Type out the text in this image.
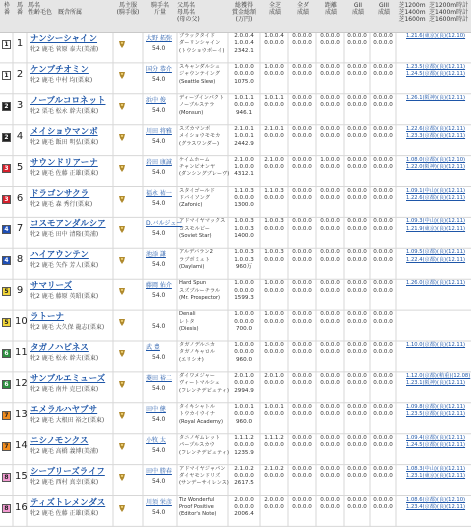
枠
番
馬
番
馬名
性齢毛色　厩舎所属
馬主服
(騎手服)
騎手名
斤量
父馬名
母馬名
(母の父)
総獲得
賞金総額
(万円)
全芝
成績
全ダ
成績
距離
成績
GII
成績
GIII
成績
芝1200m
芝1400m
芝1600m
芝1200m時計
芝1400m時計
芝1600m時計
1 1 ナンシーシャイン
牝2 鹿毛 菅原 泰夫(美浦)
大野 拓弥
54.0
ブラックタイド
ダーリンシャイン
(トウショウボーイ)
2.0.0.4
1.0.0.4
2342.1
1.0.0.4
0.0.0.0
0.0.0.0
0.0.0.0
0.0.0.0
0.0.0.0
0.0.0.0
0.0.0.0
0.0.0.0
0.0.0.0
1.21.6(東京)(良)(12.10)
1 2 ケンブチオミン
牝2 鹿毛 中村 均(栗東)
国分 恭介
54.0
スキャンダルシュ
ジャウンテイング
(Seattle Slew)
1.0.0.0
0.0.0.0
1075.0
1.0.0.0
0.0.0.0
0.0.0.0
0.0.0.0
0.0.0.0
0.0.0.0
0.0.0.0
0.0.0.0
0.0.0.0
0.0.0.0
1.23.5(京都)(良)(12.11)
1.24.5(京都)(良)(12.11)
2 3 ノーブルコロネット
牝2 栗毛 松永 幹夫(栗東)
浜中 俊
54.0
ディープインパクト
ノーブルステラ
(Monsun)
1.0.1.1
0.0.0.0
946.1
1.0.1.1
0.0.0.0
0.0.0.0
0.0.0.0
0.0.0.0
0.0.0.0
0.0.0.0
0.0.0.0
0.0.0.0
0.0.0.0
1.26.1(阪神)(良)(12.11)
2 4 メイショウマンボ
牝2 鹿毛 飯田 明弘(栗東)
川田 将雅
54.0
スズカマンボ
メイショウモモカ
(グラスワンダー)
2.1.0.1
1.0.0.1
2442.9
2.1.0.1
0.0.0.0
0.0.0.0
0.0.0.0
0.0.0.0
0.0.0.0
0.0.0.0
0.0.0.0
0.0.0.0
0.0.0.0
1.22.6(京都)(良)(12.11)
1.23.3(京都)(良)(12.11)
3 5 サウンドリアーナ
牝2 鹿毛 佐藤 正雄(栗東)
岩田 康誠
54.0
ケイムホーム
チャンピオンヤ
(ダンシングブレーヴ)
2.1.0.0
1.0.0.0
4312.1
2.1.0.0
0.0.0.0
0.0.0.0
0.0.0.0
1.0.0.0
0.0.0.0
0.0.0.0
0.0.0.0
0.0.0.0
0.0.0.0
1.08.0(京都)(良)(12.10)
1.22.0(阪神)(良)(12.11)
3 6 ドラゴンサクラ
牝2 鹿毛 森 秀行(栗東)
福永 祐一
54.0
スタイゴールド
ドバイソング
(Zafonic)
1.1.0.3
0.0.0.0
1300.0
1.1.0.3
0.0.0.0
0.0.0.0
0.0.0.0
0.0.0.0
0.0.0.0
0.0.0.0
0.0.0.0
0.0.0.0
0.0.0.0
1.09.1(中山)(良)(12.11)
1.22.6(京都)(良)(12.11)
4 7 コスモアンダルシア
牝2 鹿毛 田中 清隆(美浦)
D.バルジュー
54.0
アドマイヤマックス
コスモルビー
(Soviet Star)
1.0.0.3
1.0.0.3
1400.0
1.0.0.3
0.0.0.0
0.0.0.0
0.0.0.0
0.0.0.0
0.0.0.0
0.0.0.0
0.0.0.0
0.0.0.0
0.0.0.0
1.09.3(中山)(良)(12.11)
1.21.9(東京)(良)(12.11)
4 8 ハイアウンテン
牝2 鹿毛 矢作 芳人(栗東)
池添 謙
54.0
アルデバラン2
ラブボミュト
(Daylami)
1.0.0.3
1.0.0.3
960万
1.0.0.3
0.0.0.0
0.0.0.0
0.0.0.0
0.0.0.0
0.0.0.0
0.0.0.0
0.0.0.0
0.0.0.0
0.0.0.0
1.09.5(京都)(良)(12.11)
1.22.4(京都)(良)(12.11)
5 9 サマリーズ
牝2 鹿毛 藤原 英昭(栗東)
藤岡 佑介
54.0
Hard Spun
スズブルーチラル
(Mr. Prospector)
1.0.0.0
0.0.0.0
1599.3
1.0.0.0
0.0.0.0
0.0.0.0
0.0.0.0
0.0.0.0
0.0.0.0
0.0.0.0
0.0.0.0
0.0.0.0
0.0.0.0
1.26.0(京都)(良)(12.11)
5 10 ラトーナ
牝2 鹿毛 大久保 龍志(栗東)	54.0
Denali
レトタ
(Diesis)
1.0.0.0
0.0.0.0
700.0
1.0.0.0
0.0.0.0
0.0.0.0
0.0.0.0
0.0.0.0
0.0.0.0
0.0.0.0
0.0.0.0
0.0.0.0
0.0.0.0
6 11 タガノハピネス
牝2 鹿毛 松永 幹夫(栗東)
武 豊
54.0
タガノデルニカ
タガノキャロル
(エリシオ)
1.0.0.0
0.0.0.0
960.0
1.0.0.0
0.0.0.0
0.0.0.0
0.0.0.0
0.0.0.0
0.0.0.0
0.0.0.0
0.0.0.0
0.0.0.0
0.0.0.0
1.10.0(京都)(良)(12.11)
6 12 サンブルエミューズ
牝2 鹿毛 南井 克巳(栗東)
菱田 裕二
54.0
ダイワメジャー
ヴィートマルシェ
(フレンチデピュティ)
2.0.1.0
0.0.0.0
2994.9
2.0.1.0
0.0.0.0
0.0.0.0
0.0.0.0
0.0.0.0
0.0.0.0
0.0.0.0
0.0.0.0
0.0.0.0
0.0.0.0
1.12.0(京都)(稍重)(12.08)
1.23.1(阪神)(良)(12.11)
7 13 エメラルハヤブサ
牝2 鹿毛 大根田 裕之(栗東)
田中 健
54.0
タイキシャトル
トウカイウイナ
(Royal Academy)
1.0.0.1
0.0.0.0
960.0
1.0.0.1
0.0.0.0
0.0.0.0
0.0.0.0
0.0.0.0
0.0.0.0
0.0.0.0
0.0.0.0
0.0.0.0
0.0.0.0
1.09.8(京都)(良)(12.11)
1.23.5(京都)(良)(12.11)
7 14 ニシノモンクス
牝2 鹿毛 高橋 義博(美浦)
小牧 太
54.0
タニノギムレット
パープルスカウ
(フレンチデピュティ)
1.1.1.2
0.0.0.0
1235.9
1.1.1.2
0.0.0.0
0.0.0.0
0.0.0.0
0.0.0.0
0.0.0.0
0.0.0.0
0.0.0.0
0.0.0.0
0.0.0.0
1.09.4(京都)(良)(12.11)
1.24.5(京都)(良)(12.11)
8 15 シーブリーズライフ
牝2 鹿毛 西村 真幸(栗東)
田中 勝春
54.0
アドマイヤジャパン
ダイヤモンドリズ
(サンデーサイレンス)
2.1.0.2
0.0.0.0
2617.5
2.1.0.2
0.0.0.0
0.0.0.0
0.0.0.0
0.0.0.0
0.0.0.0
0.0.0.0
0.0.0.0
0.0.0.0
0.0.0.0
1.08.3(中山)(良)(12.11)
1.23.1(東京)(良)(12.11)
8 16 ティズトレメンダス
牝2 鹿毛 佐藤 正雄(栗東)
川須 栄彦
54.0
Tiz Wonderful
Proof Positive
(Editor's Note)
2.0.0.0
0.0.0.0
2006.4
2.0.0.0
0.0.0.0
0.0.0.0
0.0.0.0
0.0.0.0
0.0.0.0
0.0.0.0
0.0.0.0
0.0.0.0
0.0.0.0
1.08.6(京都)(良)(12.10)
1.23.4(京都)(良)(12.11)
